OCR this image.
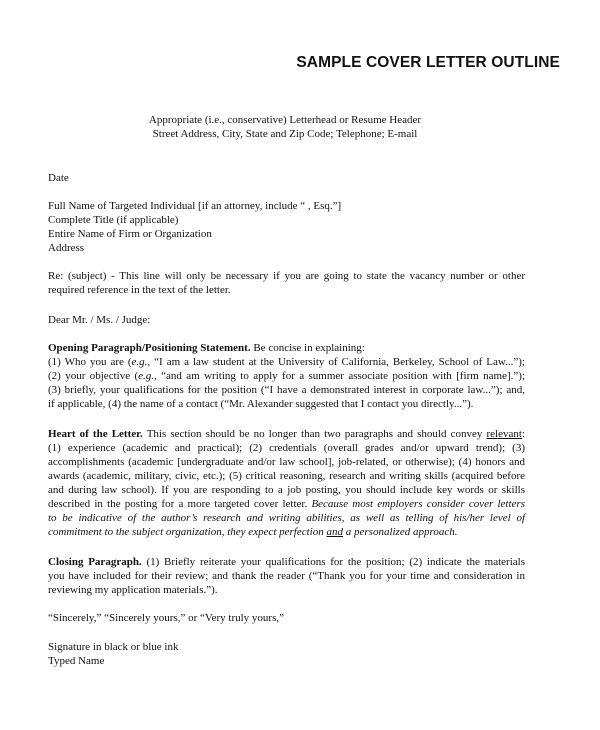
SAMPLE COVER LETTER OUTLINE
Appropriate (i.e., conservative) Letterhead or Resume Header
Street Address, City, State and Zip Code; Telephone; E-mail
Date
Full Name of Targeted Individual [if an attorney, include “ , Esq.”]
Complete Title (if applicable)
Entire Name of Firm or Organization
Address
Re: (subject) - This line will only be necessary if you are going to state the vacancy number or other
required reference in the text of the letter.
Dear Mr. / Ms. / Judge:
Opening Paragraph/Positioning Statement. Be concise in explaining:
(1) Who you are (e.g., “I am a law student at the University of California, Berkeley, School of Law...”);
(2) your objective (e.g., “and am writing to apply for a summer associate position with [firm name].”);
(3) briefly, your qualifications for the position (“I have a demonstrated interest in corporate law...”); and,
if applicable, (4) the name of a contact (“Mr. Alexander suggested that I contact you directly...”).
Heart of the Letter. This section should be no longer than two paragraphs and should convey relevant:
(1) experience (academic and practical); (2) credentials (overall grades and/or upward trend); (3)
accomplishments (academic [undergraduate and/or law school], job-related, or otherwise); (4) honors and
awards (academic, military, civic, etc.); (5) critical reasoning, research and writing skills (acquired before
and during law school). If you are responding to a job posting, you should include key words or skills
described in the posting for a more targeted cover letter. Because most employers consider cover letters
to be indicative of the author’s research and writing abilities, as well as telling of his/her level of
commitment to the subject organization, they expect perfection and a personalized approach.
Closing Paragraph. (1) Briefly reiterate your qualifications for the position; (2) indicate the materials
you have included for their review; and thank the reader (“Thank you for your time and consideration in
reviewing my application materials.”).
“Sincerely,” “Sincerely yours,” or “Very truly yours,”
Signature in black or blue ink
Typed Name
